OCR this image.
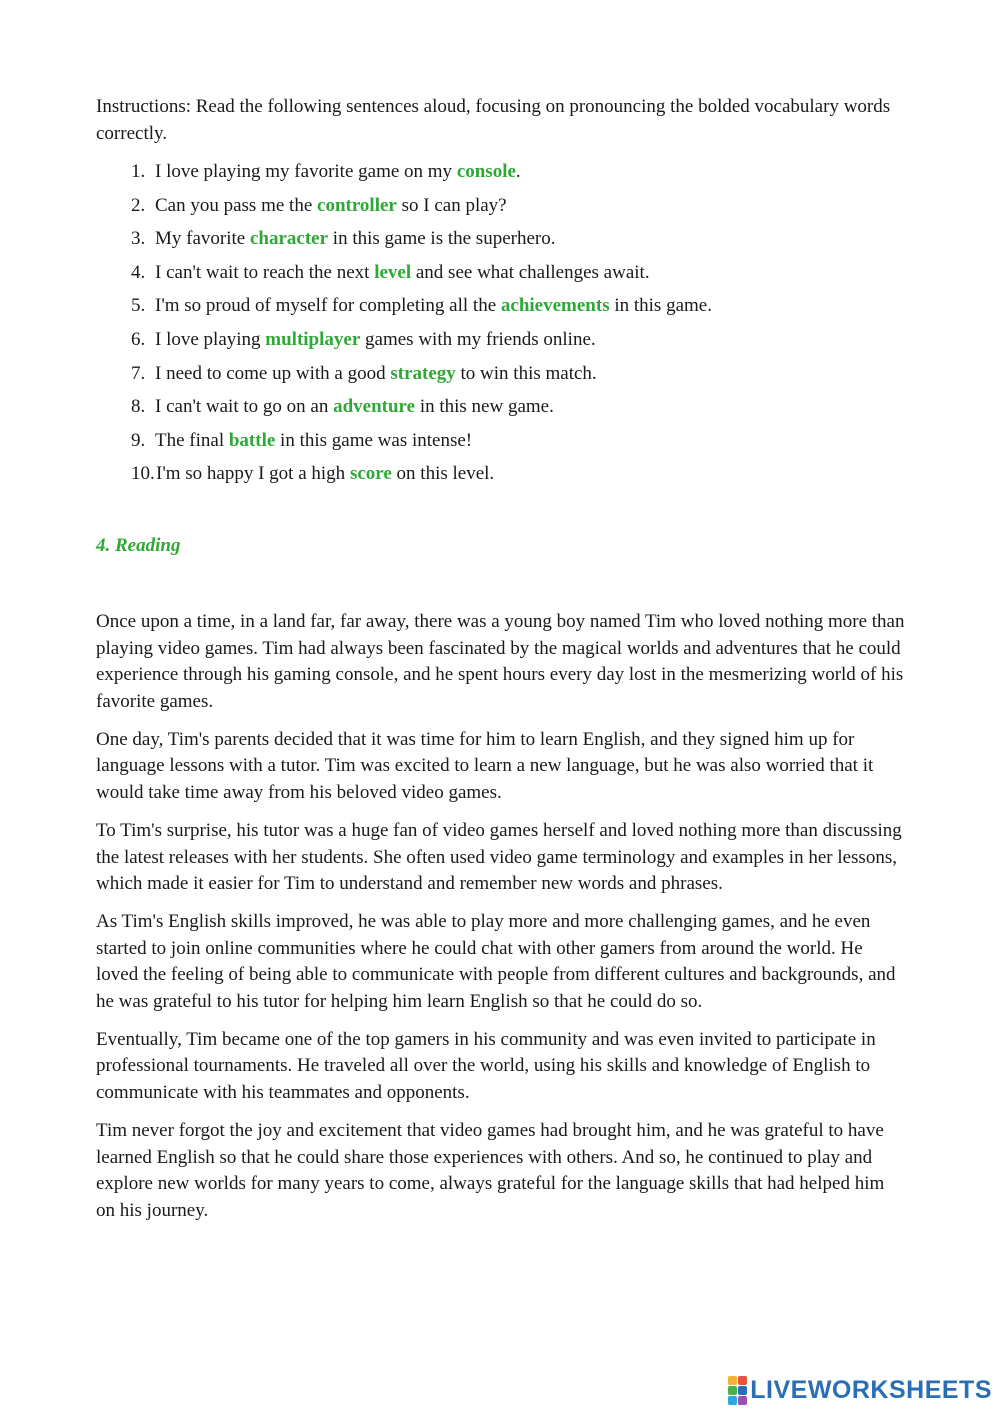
Instructions: Read the following sentences aloud, focusing on pronouncing the bolded vocabulary words correctly.

1. I love playing my favorite game on my console.
2. Can you pass me the controller so I can play?
3. My favorite character in this game is the superhero.
4. I can't wait to reach the next level and see what challenges await.
5. I'm so proud of myself for completing all the achievements in this game.
6. I love playing multiplayer games with my friends online.
7. I need to come up with a good strategy to win this match.
8. I can't wait to go on an adventure in this new game.
9. The final battle in this game was intense!
10. I'm so happy I got a high score on this level.
4. Reading

Once upon a time, in a land far, far away, there was a young boy named Tim who loved nothing more than playing video games. Tim had always been fascinated by the magical worlds and adventures that he could experience through his gaming console, and he spent hours every day lost in the mesmerizing world of his favorite games.

One day, Tim's parents decided that it was time for him to learn English, and they signed him up for language lessons with a tutor. Tim was excited to learn a new language, but he was also worried that it would take time away from his beloved video games.

To Tim's surprise, his tutor was a huge fan of video games herself and loved nothing more than discussing the latest releases with her students. She often used video game terminology and examples in her lessons, which made it easier for Tim to understand and remember new words and phrases.

As Tim's English skills improved, he was able to play more and more challenging games, and he even started to join online communities where he could chat with other gamers from around the world. He loved the feeling of being able to communicate with people from different cultures and backgrounds, and he was grateful to his tutor for helping him learn English so that he could do so.

Eventually, Tim became one of the top gamers in his community and was even invited to participate in professional tournaments. He traveled all over the world, using his skills and knowledge of English to communicate with his teammates and opponents.

Tim never forgot the joy and excitement that video games had brought him, and he was grateful to have learned English so that he could share those experiences with others. And so, he continued to play and explore new worlds for many years to come, always grateful for the language skills that had helped him on his journey.

LIVEWORKSHEETS
